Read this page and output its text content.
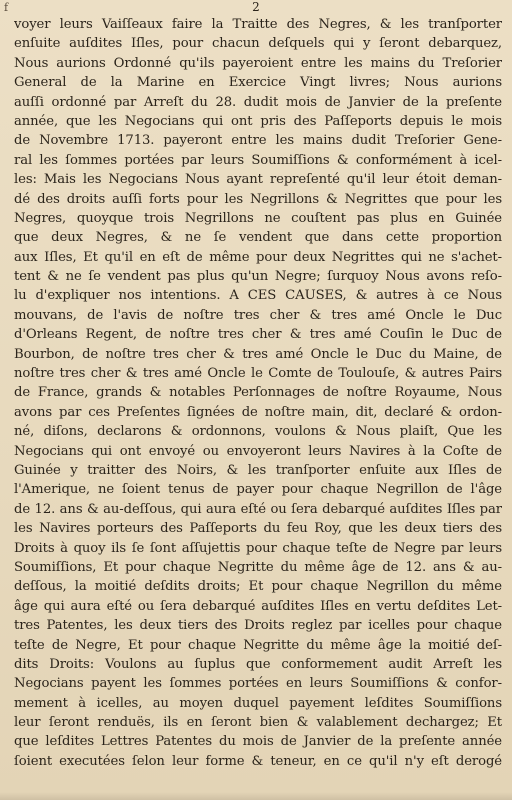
f	2
voyer leurs Vaiſſeaux faire la Traitte des Negres, & les tranſporter
enſuite auſdites Iſles, pour chacun deſquels qui y ſeront debarquez,
Nous aurions Ordonné qu'ils payeroient entre les mains du Treſorier
General de la Marine en Exercice Vingt livres; Nous aurions
auſſi ordonné par Arreſt du 28. dudit mois de Janvier de la preſente
année, que les Negocians qui ont pris des Paſſeports depuis le mois
de Novembre 1713. payeront entre les mains dudit Treſorier Gene-
ral les ſommes portées par leurs Soumiſſions & conformément à icel-
les: Mais les Negocians Nous ayant repreſenté qu'il leur étoit deman-
dé des droits auſſi forts pour les Negrillons & Negrittes que pour les
Negres, quoyque trois Negrillons ne couſtent pas plus en Guinée
que deux Negres, & ne ſe vendent que dans cette proportion
aux Iſles, Et qu'il en eſt de même pour deux Negrittes qui ne s'achet-
tent & ne ſe vendent pas plus qu'un Negre; ſurquoy Nous avons reſo-
lu d'expliquer nos intentions. A CES CAUSES, & autres à ce Nous
mouvans, de l'avis de noſtre tres cher & tres amé Oncle le Duc
d'Orleans Regent, de noſtre tres cher & tres amé Couſin le Duc de
Bourbon, de noſtre tres cher & tres amé Oncle le Duc du Maine, de
noſtre tres cher & tres amé Oncle le Comte de Toulouſe, & autres Pairs
de France, grands & notables Perſonnages de noſtre Royaume, Nous
avons par ces Preſentes ſignées de noſtre main, dit, declaré & ordon-
né, diſons, declarons & ordonnons, voulons & Nous plaiſt, Que les
Negocians qui ont envoyé ou envoyeront leurs Navires à la Coſte de
Guinée y traitter des Noirs, & les tranſporter enſuite aux Iſles de
l'Amerique, ne ſoient tenus de payer pour chaque Negrillon de l'âge
de 12. ans & au-deſſous, qui aura eſté ou ſera debarqué auſdites Iſles par
les Navires porteurs des Paſſeports du feu Roy, que les deux tiers des
Droits à quoy ils ſe ſont aſſujettis pour chaque teſte de Negre par leurs
Soumiſſions, Et pour chaque Negritte du même âge de 12. ans & au-
deſſous, la moitié deſdits droits; Et pour chaque Negrillon du même
âge qui aura eſté ou ſera debarqué auſdites Iſles en vertu deſdites Let-
tres Patentes, les deux tiers des Droits reglez par icelles pour chaque
teſte de Negre, Et pour chaque Negritte du même âge la moitié deſ-
dits Droits: Voulons au ſuplus que conformement audit Arreſt les
Negocians payent les ſommes portées en leurs Soumiſſions & confor-
mement à icelles, au moyen duquel payement leſdites Soumiſſions
leur ſeront renduës, ils en ſeront bien & valablement dechargez; Et
que leſdites Lettres Patentes du mois de Janvier de la preſente année
ſoient executées ſelon leur forme & teneur, en ce qu'il n'y eſt derogé
